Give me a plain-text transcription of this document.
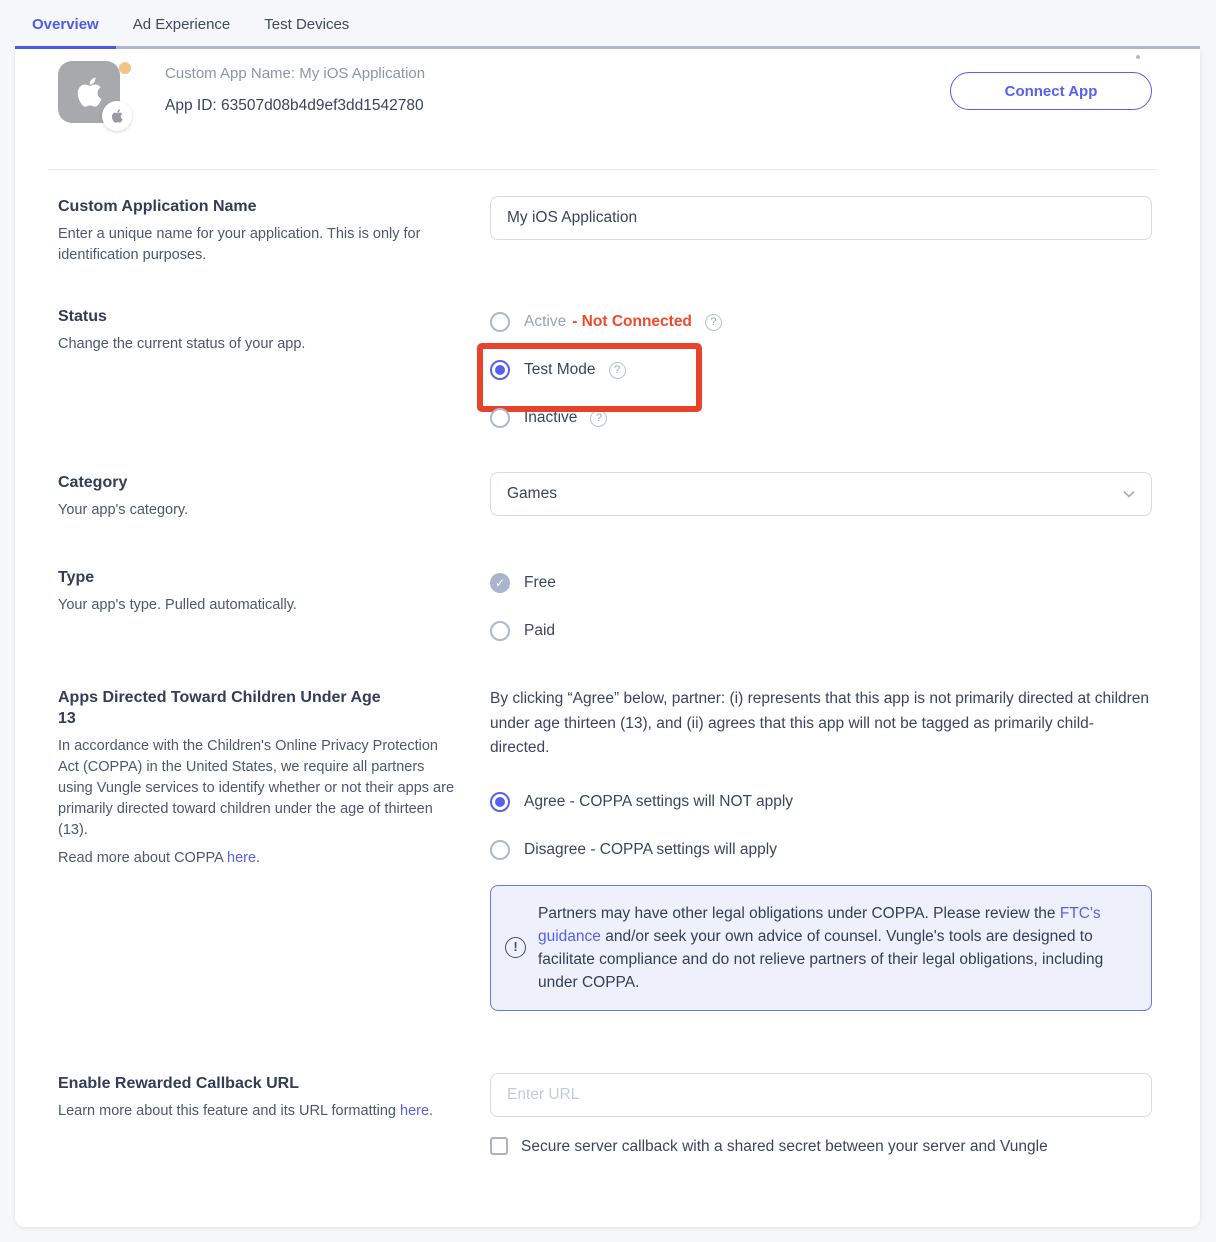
Overview	Ad Experience	Test Devices
Custom App Name: My iOS Application
App ID: 63507d08b4d9ef3dd1542780
Connect App
Custom Application Name
Enter a unique name for your application. This is only for identification purposes.
My iOS Application
Status
Change the current status of your app.
Active - Not Connected	?
Test Mode	?
Inactive	?
Category
Your app's category.
Games
Type
Your app's type. Pulled automatically.
✓	Free
Paid
Apps Directed Toward Children Under Age 13
In accordance with the Children's Online Privacy Protection Act (COPPA) in the United States, we require all partners using Vungle services to identify whether or not their apps are primarily directed toward children under the age of thirteen (13).
Read more about COPPA here.
By clicking “Agree” below, partner: (i) represents that this app is not primarily directed at children under age thirteen (13), and (ii) agrees that this app will not be tagged as primarily child-directed.
Agree - COPPA settings will NOT apply
Disagree - COPPA settings will apply
!
Partners may have other legal obligations under COPPA. Please review the FTC's guidance and/or seek your own advice of counsel. Vungle's tools are designed to facilitate compliance and do not relieve partners of their legal obligations, including under COPPA.
Enable Rewarded Callback URL
Learn more about this feature and its URL formatting here.
Enter URL
Secure server callback with a shared secret between your server and Vungle
